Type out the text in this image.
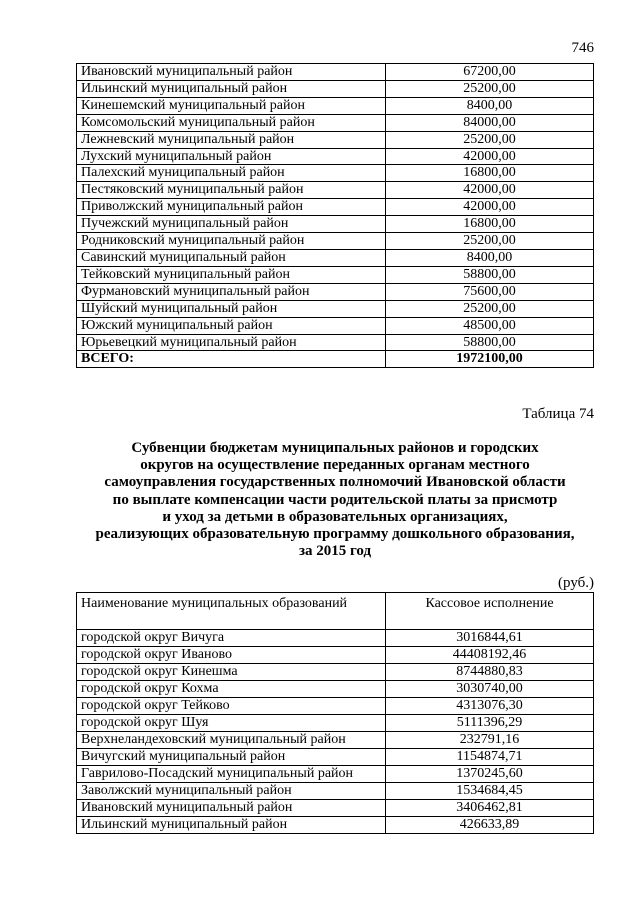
746
Ивановский муниципальный район	67200,00
Ильинский муниципальный район	25200,00
Кинешемский муниципальный район	8400,00
Комсомольский муниципальный район	84000,00
Лежневский муниципальный район	25200,00
Лухский муниципальный район	42000,00
Палехский муниципальный район	16800,00
Пестяковский муниципальный район	42000,00
Приволжский муниципальный район	42000,00
Пучежский муниципальный район	16800,00
Родниковский муниципальный район	25200,00
Савинский муниципальный район	8400,00
Тейковский муниципальный район	58800,00
Фурмановский муниципальный район	75600,00
Шуйский муниципальный район	25200,00
Южский муниципальный район	48500,00
Юрьевецкий муниципальный район	58800,00
ВСЕГО:	1972100,00
Таблица 74
Субвенции бюджетам муниципальных районов и городских
округов на осуществление переданных органам местного
самоуправления государственных полномочий Ивановской области
по выплате компенсации части родительской платы за присмотр
и уход за детьми в образовательных организациях,
реализующих образовательную программу дошкольного образования,
за 2015 год
(руб.)
Наименование муниципальных образований	Кассовое исполнение
городской округ Вичуга	3016844,61
городской округ Иваново	44408192,46
городской округ Кинешма	8744880,83
городской округ Кохма	3030740,00
городской округ Тейково	4313076,30
городской округ Шуя	5111396,29
Верхнеландеховский муниципальный район	232791,16
Вичугский муниципальный район	1154874,71
Гаврилово-Посадский муниципальный район	1370245,60
Заволжский муниципальный район	1534684,45
Ивановский муниципальный район	3406462,81
Ильинский муниципальный район	426633,89
